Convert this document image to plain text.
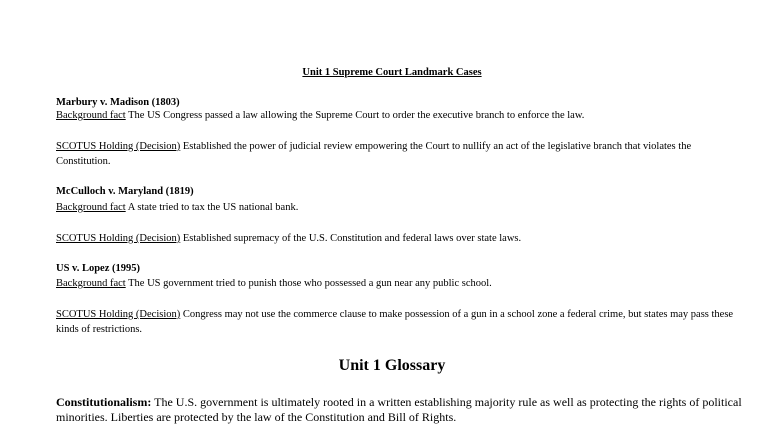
Unit 1 Supreme Court Landmark Cases
Marbury v. Madison (1803)
Background fact The US Congress passed a law allowing the Supreme Court to order the executive branch to enforce the law.
SCOTUS Holding (Decision) Established the power of judicial review empowering the Court to nullify an act of the legislative branch that violates the Constitution.
McCulloch v. Maryland (1819)
Background fact A state tried to tax the US national bank.
SCOTUS Holding (Decision) Established supremacy of the U.S. Constitution and federal laws over state laws.
US v. Lopez (1995)
Background fact The US government tried to punish those who possessed a gun near any public school.
SCOTUS Holding (Decision) Congress may not use the commerce clause to make possession of a gun in a school zone a federal crime, but states may pass these kinds of restrictions.
Unit 1 Glossary
Constitutionalism: The U.S. government is ultimately rooted in a written establishing majority rule as well as protecting the rights of political minorities. Liberties are protected by the law of the Constitution and Bill of Rights.
